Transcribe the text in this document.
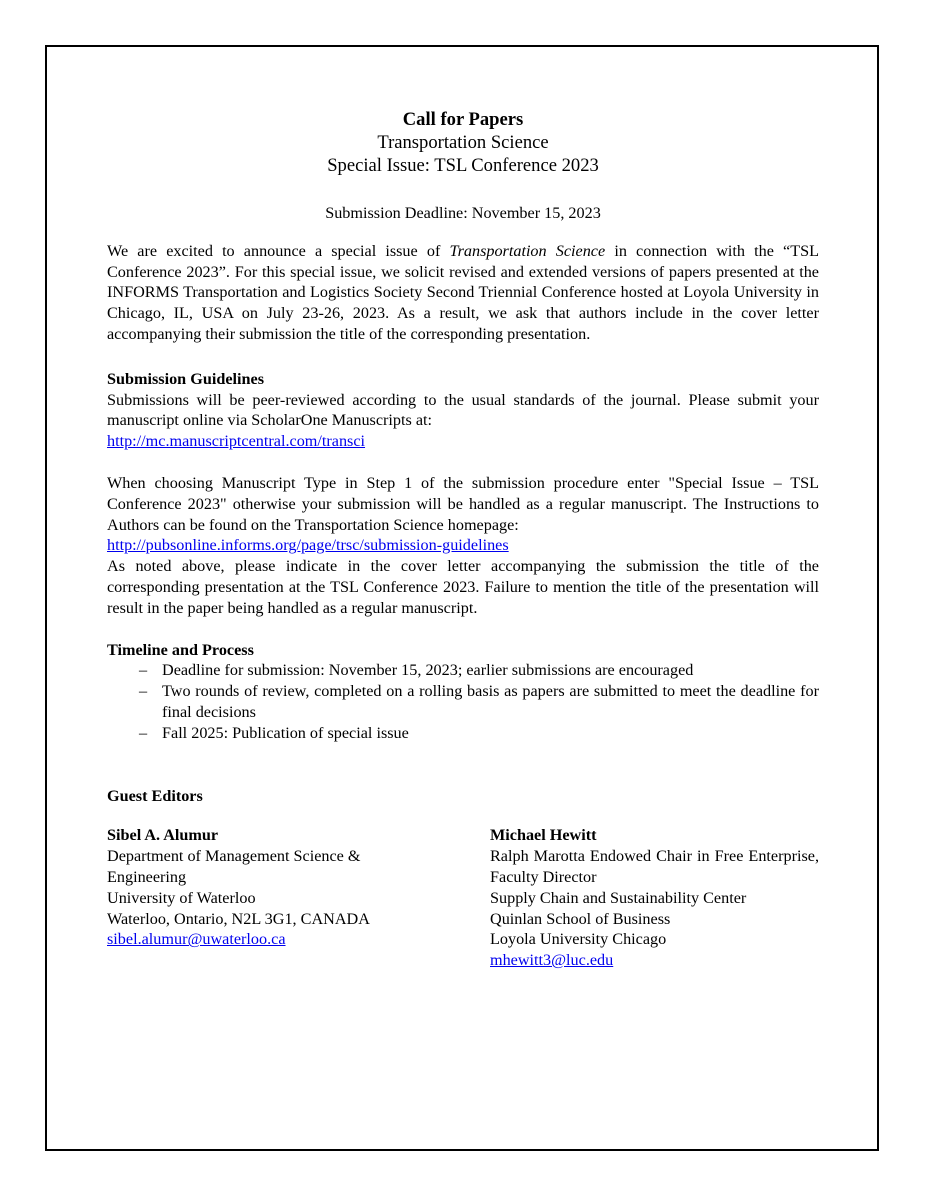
Call for Papers
Transportation Science
Special Issue: TSL Conference 2023
Submission Deadline: November 15, 2023

We are excited to announce a special issue of Transportation Science in connection with the “TSL Conference 2023”. For this special issue, we solicit revised and extended versions of papers presented at the INFORMS Transportation and Logistics Society Second Triennial Conference hosted at Loyola University in Chicago, IL, USA on July 23-26, 2023. As a result, we ask that authors include in the cover letter accompanying their submission the title of the corresponding presentation.

Submission Guidelines
Submissions will be peer-reviewed according to the usual standards of the journal. Please submit your manuscript online via ScholarOne Manuscripts at:
http://mc.manuscriptcentral.com/transci
When choosing Manuscript Type in Step 1 of the submission procedure enter "Special Issue – TSL Conference 2023" otherwise your submission will be handled as a regular manuscript. The Instructions to Authors can be found on the Transportation Science homepage:
http://pubsonline.informs.org/page/trsc/submission-guidelines
As noted above, please indicate in the cover letter accompanying the submission the title of the corresponding presentation at the TSL Conference 2023. Failure to mention the title of the presentation will result in the paper being handled as a regular manuscript.
Timeline and Process
– Deadline for submission: November 15, 2023; earlier submissions are encouraged
– Two rounds of review, completed on a rolling basis as papers are submitted to meet the deadline for final decisions
– Fall 2025: Publication of special issue
Guest Editors
Sibel A. Alumur
Department of Management Science & Engineering
University of Waterloo
Waterloo, Ontario, N2L 3G1, CANADA
sibel.alumur@uwaterloo.ca
Michael Hewitt
Ralph Marotta Endowed Chair in Free Enterprise, Faculty Director
Supply Chain and Sustainability Center
Quinlan School of Business
Loyola University Chicago
mhewitt3@luc.edu
